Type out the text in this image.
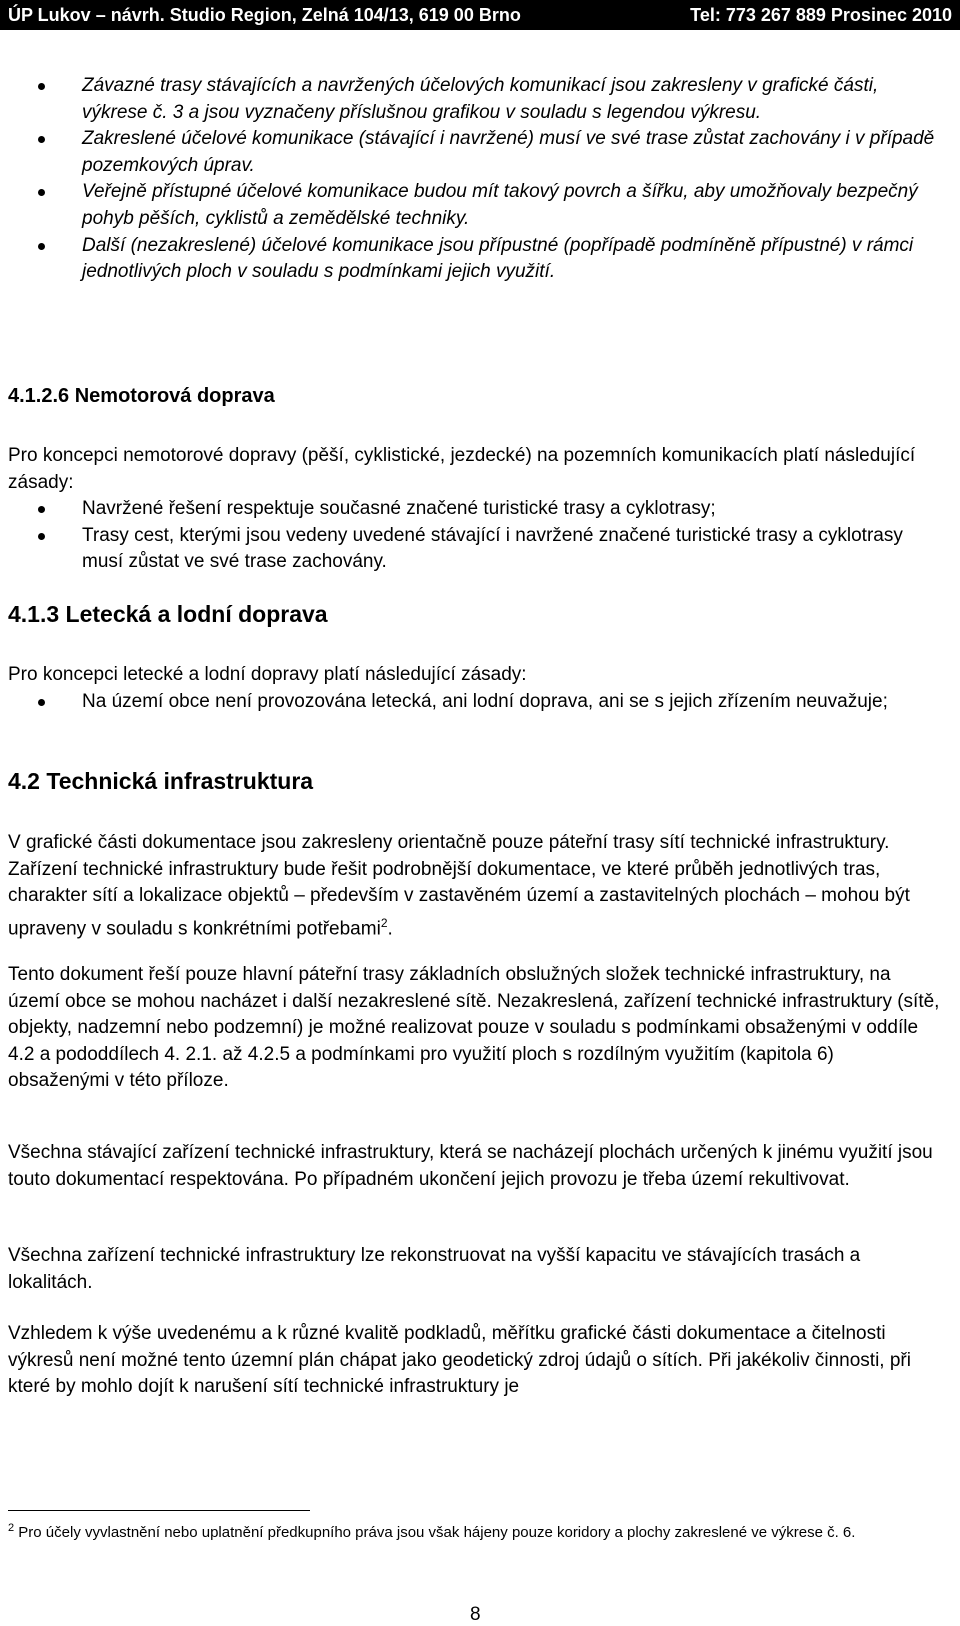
ÚP Lukov – návrh. Studio Region, Zelná 104/13, 619 00 Brno	Tel: 773 267 889 Prosinec 2010
Závazné trasy stávajících a navržených účelových komunikací jsou zakresleny v grafické části, výkrese č. 3 a jsou vyznačeny příslušnou grafikou v souladu s legendou výkresu.
Zakreslené účelové komunikace (stávající i navržené) musí ve své trase zůstat zachovány i v případě pozemkových úprav.
Veřejně přístupné účelové komunikace budou mít takový povrch a šířku, aby umožňovaly bezpečný pohyb pěších, cyklistů a zemědělské techniky.
Další (nezakreslené) účelové komunikace jsou přípustné (popřípadě podmíněně přípustné) v rámci jednotlivých ploch v souladu s podmínkami jejich využití.

4.1.2.6 Nemotorová doprava

Pro koncepci nemotorové dopravy (pěší, cyklistické, jezdecké) na pozemních komunikacích platí následující zásady:

Navržené řešení respektuje současné značené turistické trasy a cyklotrasy;
Trasy cest, kterými jsou vedeny uvedené stávající i navržené značené turistické trasy a cyklotrasy musí zůstat ve své trase zachovány.

4.1.3 Letecká a lodní doprava

Pro koncepci letecké a lodní dopravy platí následující zásady:

Na území obce není provozována letecká, ani lodní doprava, ani se s jejich zřízením neuvažuje;

4.2 Technická infrastruktura

V grafické části dokumentace jsou zakresleny orientačně pouze páteřní trasy sítí technické infrastruktury. Zařízení technické infrastruktury bude řešit podrobnější dokumentace, ve které průběh jednotlivých tras, charakter sítí a lokalizace objektů – především v zastavěném území a zastavitelných plochách – mohou být upraveny v souladu s konkrétními potřebami$^2$.

Tento dokument řeší pouze hlavní páteřní trasy základních obslužných složek technické infrastruktury, na území obce se mohou nacházet i další nezakreslené sítě. Nezakreslená, zařízení technické infrastruktury (sítě, objekty, nadzemní nebo podzemní) je možné realizovat pouze v souladu s podmínkami obsaženými v oddíle 4.2 a pododdílech 4. 2.1. až 4.2.5 a podmínkami pro využití ploch s rozdílným využitím (kapitola 6) obsaženými v této příloze.

Všechna stávající zařízení technické infrastruktury, která se nacházejí plochách určených k jinému využití jsou touto dokumentací respektována. Po případném ukončení jejich provozu je třeba území rekultivovat.

Všechna zařízení technické infrastruktury lze rekonstruovat na vyšší kapacitu ve stávajících trasách a lokalitách.

Vzhledem k výše uvedenému a k různé kvalitě podkladů, měřítku grafické části dokumentace a čitelnosti výkresů není možné tento územní plán chápat jako geodetický zdroj údajů o sítích. Při jakékoliv činnosti, při které by mohlo dojít k narušení sítí technické infrastruktury je

$^2$ Pro účely vyvlastnění nebo uplatnění předkupního práva jsou však hájeny pouze koridory a plochy zakreslené ve výkrese č. 6.
8
